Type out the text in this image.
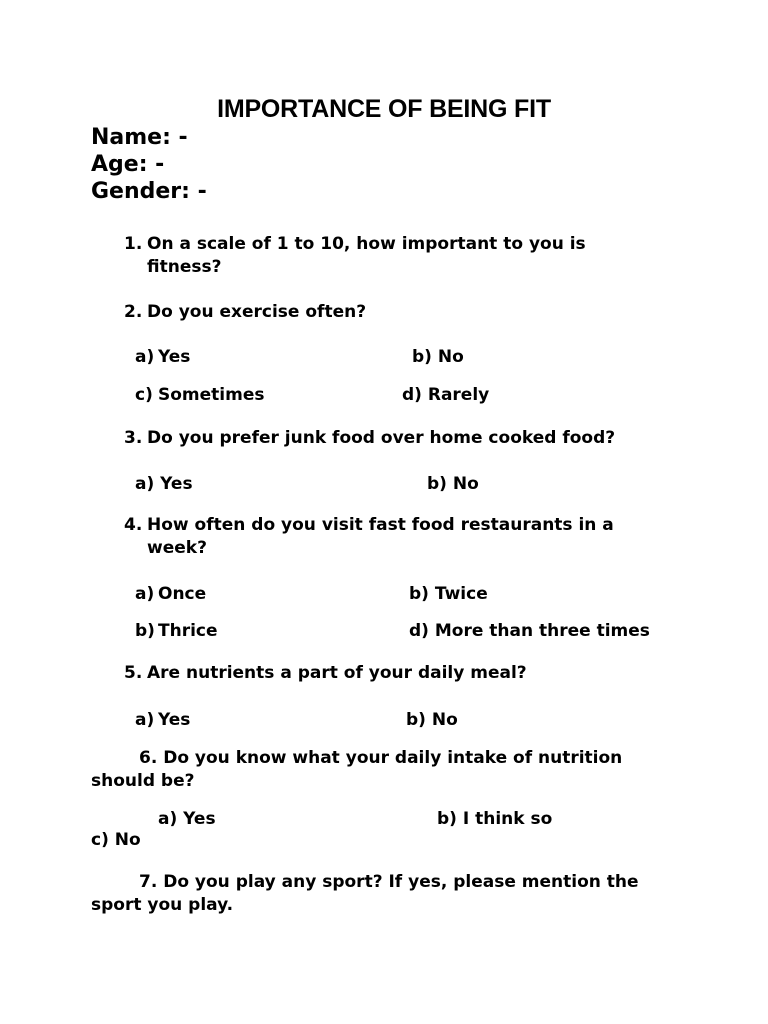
IMPORTANCE OF BEING FIT
Name: -
Age: -
Gender: -
1. On a scale of 1 to 10, how important to you is fitness?
2. Do you exercise often?
a) Yes	b) No
c) Sometimes	d) Rarely
3. Do you prefer junk food over home cooked food?
a) Yes	b) No
4. How often do you visit fast food restaurants in a week?
a) Once	b) Twice
b) Thrice	d) More than three times
5. Are nutrients a part of your daily meal?
a) Yes	b) No
6. Do you know what your daily intake of nutrition should be?
a) Yes	b) I think so
c) No
7. Do you play any sport? If yes, please mention the sport you play.
